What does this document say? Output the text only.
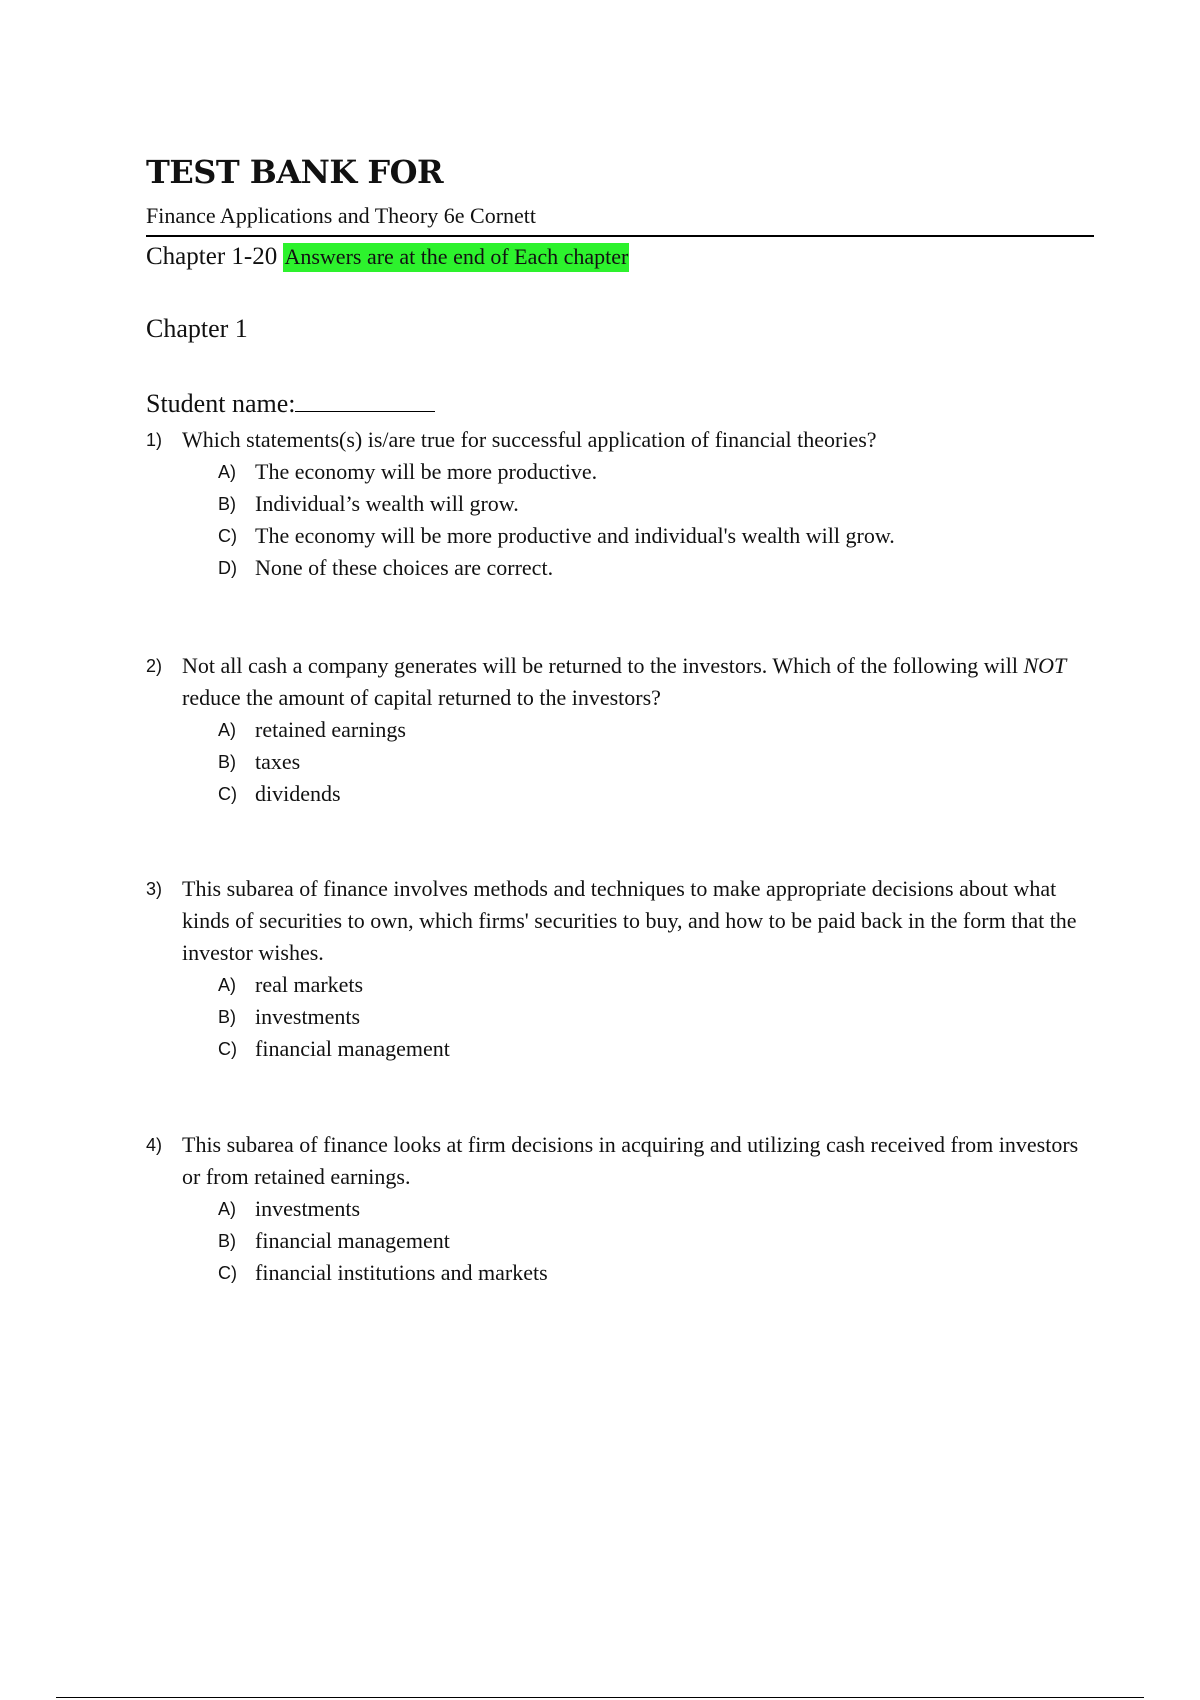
TEST BANK FOR
Finance Applications and Theory 6e Cornett
Chapter 1-20 Answers are at the end of Each chapter
Chapter 1
Student name:
1) Which statements(s) is/are true for successful application of financial theories?
A) The economy will be more productive.
B) Individual’s wealth will grow.
C) The economy will be more productive and individual's wealth will grow.
D) None of these choices are correct.
2) Not all cash a company generates will be returned to the investors. Which of the following will NOT reduce the amount of capital returned to the investors?
A) retained earnings
B) taxes
C) dividends
3) This subarea of finance involves methods and techniques to make appropriate decisions about what kinds of securities to own, which firms' securities to buy, and how to be paid back in the form that the investor wishes.
A) real markets
B) investments
C) financial management
4) This subarea of finance looks at firm decisions in acquiring and utilizing cash received from investors or from retained earnings.
A) investments
B) financial management
C) financial institutions and markets
